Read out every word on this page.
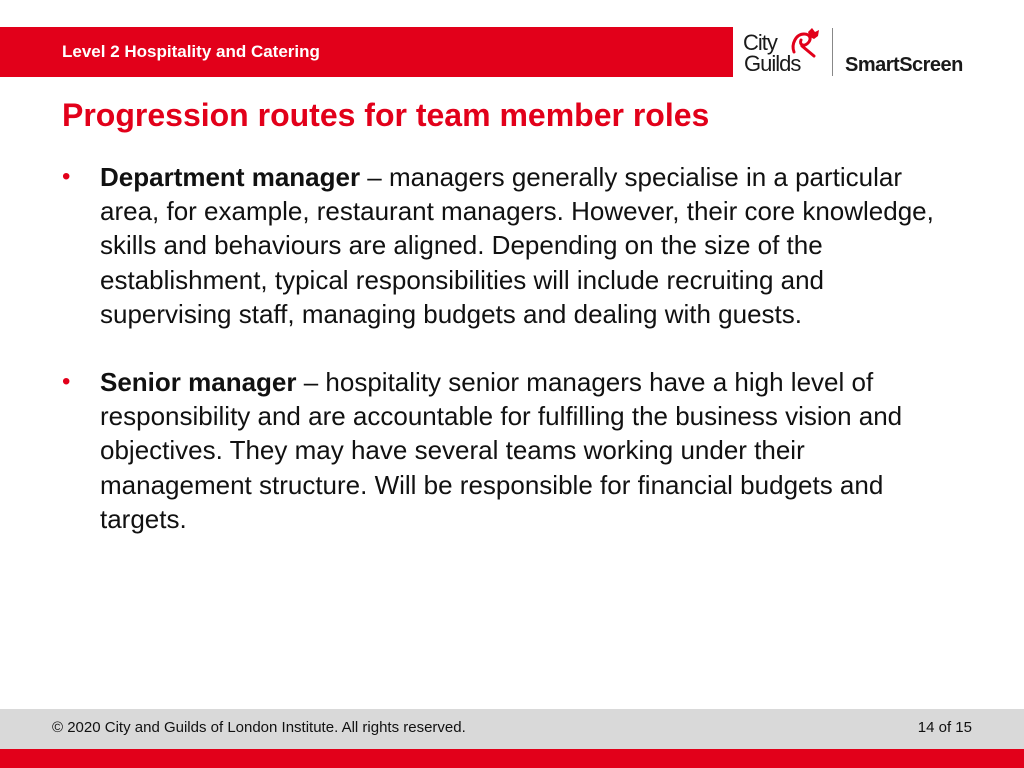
Level 2 Hospitality and Catering	City
Guilds SmartScreen
Progression routes for team member roles
• Department manager – managers generally specialise in a particular area, for example, restaurant managers. However, their core knowledge, skills and behaviours are aligned. Depending on the size of the establishment, typical responsibilities will include recruiting and supervising staff, managing budgets and dealing with guests.
• Senior manager – hospitality senior managers have a high level of responsibility and are accountable for fulfilling the business vision and objectives. They may have several teams working under their management structure. Will be responsible for financial budgets and targets.
© 2020 City and Guilds of London Institute. All rights reserved.	14 of 15
